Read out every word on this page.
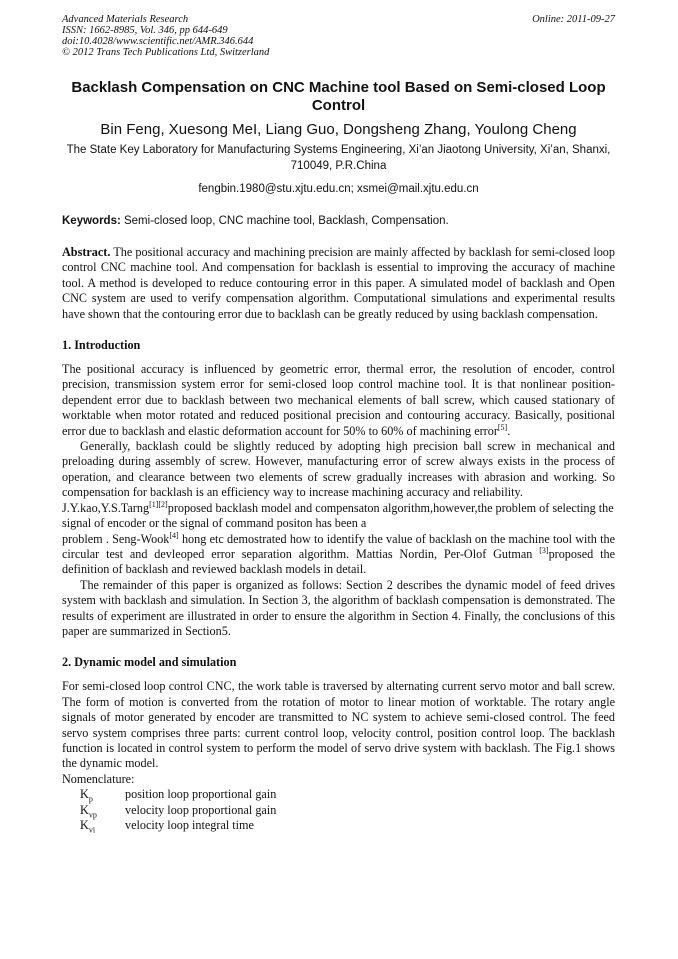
Advanced Materials Research
ISSN: 1662-8985, Vol. 346, pp 644-649
doi:10.4028/www.scientific.net/AMR.346.644
© 2012 Trans Tech Publications Ltd, Switzerland
Online: 2011-09-27
Backlash Compensation on CNC Machine tool Based on Semi-closed Loop Control
Bin Feng, Xuesong MeI, Liang Guo, Dongsheng Zhang, Youlong Cheng
The State Key Laboratory for Manufacturing Systems Engineering, Xi’an Jiaotong University, Xi’an, Shanxi, 710049, P.R.China
fengbin.1980@stu.xjtu.edu.cn; xsmei@mail.xjtu.edu.cn
Keywords: Semi-closed loop, CNC machine tool, Backlash, Compensation.

Abstract. The positional accuracy and machining precision are mainly affected by backlash for semi-closed loop control CNC machine tool. And compensation for backlash is essential to improving the accuracy of machine tool. A method is developed to reduce contouring error in this paper. A simulated model of backlash and Open CNC system are used to verify compensation algorithm. Computational simulations and experimental results have shown that the contouring error due to backlash can be greatly reduced by using backlash compensation.

1. Introduction

The positional accuracy is influenced by geometric error, thermal error, the resolution of encoder, control precision, transmission system error for semi-closed loop control machine tool. It is that nonlinear position-dependent error due to backlash between two mechanical elements of ball screw, which caused stationary of worktable when motor rotated and reduced positional precision and contouring accuracy. Basically, positional error due to backlash and elastic deformation account for 50% to 60% of machining error[5].

Generally, backlash could be slightly reduced by adopting high precision ball screw in mechanical and preloading during assembly of screw. However, manufacturing error of screw always exists in the process of operation, and clearance between two elements of screw gradually increases with abrasion and working. So compensation for backlash is an efficiency way to increase machining accuracy and reliability.

J.Y.kao,Y.S.Tarng[1][2]proposed backlash model and compensaton algorithm,however,the problem of selecting the signal of encoder or the signal of command positon has been a

problem . Seng-Wook[4] hong etc demostrated how to identify the value of backlash on the machine tool with the circular test and devleoped error separation algorithm. Mattias Nordin, Per-Olof Gutman [3]proposed the definition of backlash and reviewed backlash models in detail.

The remainder of this paper is organized as follows: Section 2 describes the dynamic model of feed drives system with backlash and simulation. In Section 3, the algorithm of backlash compensation is demonstrated. The results of experiment are illustrated in order to ensure the algorithm in Section 4. Finally, the conclusions of this paper are summarized in Section5.

2. Dynamic model and simulation

For semi-closed loop control CNC, the work table is traversed by alternating current servo motor and ball screw. The form of motion is converted from the rotation of motor to linear motion of worktable. The rotary angle signals of motor generated by encoder are transmitted to NC system to achieve semi-closed control. The feed servo system comprises three parts: current control loop, velocity control, position control loop. The backlash function is located in control system to perform the model of servo drive system with backlash. The Fig.1 shows the dynamic model.

Nomenclature:
$K_p$	position loop proportional gain
$K_{vp}$	velocity loop proportional gain
$K_{vi}$	velocity loop integral time
